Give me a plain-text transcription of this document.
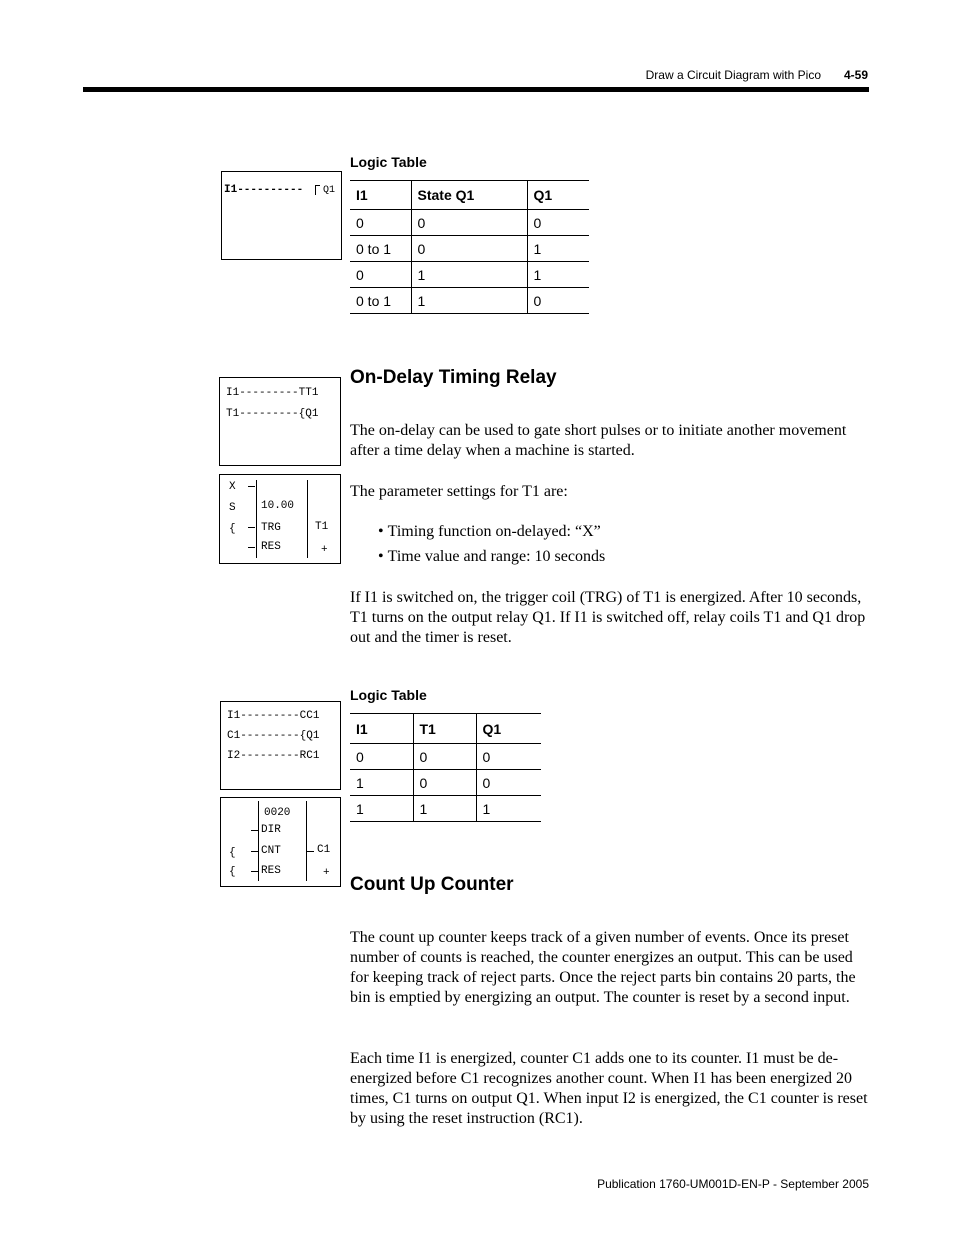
Draw a Circuit Diagram with Pico 4-59
I1---------- Q1
Logic Table
I1	State Q1	Q1
0	0	0
0 to 1	0	1
0	1	1
0 to 1	1	0
On-Delay Timing Relay
I1---------TT1
T1---------{Q1
X
S
{
10.00
TRG
RES
T1
+
The on-delay can be used to gate short pulses or to initiate another movement after a time delay when a machine is started.
The parameter settings for T1 are:
• Timing function on-delayed: “X”
• Time value and range: 10 seconds
If I1 is switched on, the trigger coil (TRG) of T1 is energized. After 10 seconds, T1 turns on the output relay Q1. If I1 is switched off, relay coils T1 and Q1 drop out and the timer is reset.
Logic Table
I1	T1	Q1
0	0	0
1	0	0
1	1	1
I1---------CC1
C1---------{Q1
I2---------RC1
0020
DIR
CNT
RES
{
{
C1
+
Count Up Counter
The count up counter keeps track of a given number of events. Once its preset number of counts is reached, the counter energizes an output. This can be used for keeping track of reject parts. Once the reject parts bin contains 20 parts, the bin is emptied by energizing an output. The counter is reset by a second input.
Each time I1 is energized, counter C1 adds one to its counter. I1 must be de-energized before C1 recognizes another count. When I1 has been energized 20 times, C1 turns on output Q1. When input I2 is energized, the C1 counter is reset by using the reset instruction (RC1).
Publication 1760-UM001D-EN-P - September 2005
